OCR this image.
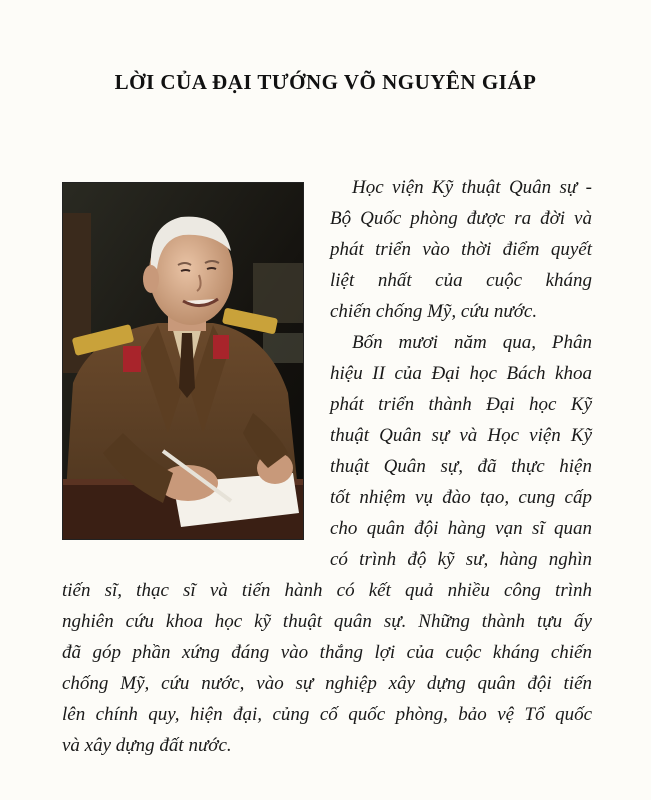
LỜI CỦA ĐẠI TƯỚNG VÕ NGUYÊN GIÁP
Học viện Kỹ thuật Quân sự -
Bộ Quốc phòng được ra đời và
phát triển vào thời điểm quyết
liệt nhất của cuộc kháng
chiến chống Mỹ, cứu nước.
Bốn mươi năm qua, Phân
hiệu II của Đại học Bách khoa
phát triển thành Đại học Kỹ
thuật Quân sự và Học viện Kỹ
thuật Quân sự, đã thực hiện
tốt nhiệm vụ đào tạo, cung cấp
cho quân đội hàng vạn sĩ quan
có trình độ kỹ sư, hàng nghìn
tiến sĩ, thạc sĩ và tiến hành có kết quả nhiều công trình
nghiên cứu khoa học kỹ thuật quân sự. Những thành tựu ấy
đã góp phần xứng đáng vào thắng lợi của cuộc kháng chiến
chống Mỹ, cứu nước, vào sự nghiệp xây dựng quân đội tiến
lên chính quy, hiện đại, củng cố quốc phòng, bảo vệ Tổ quốc
và xây dựng đất nước.
